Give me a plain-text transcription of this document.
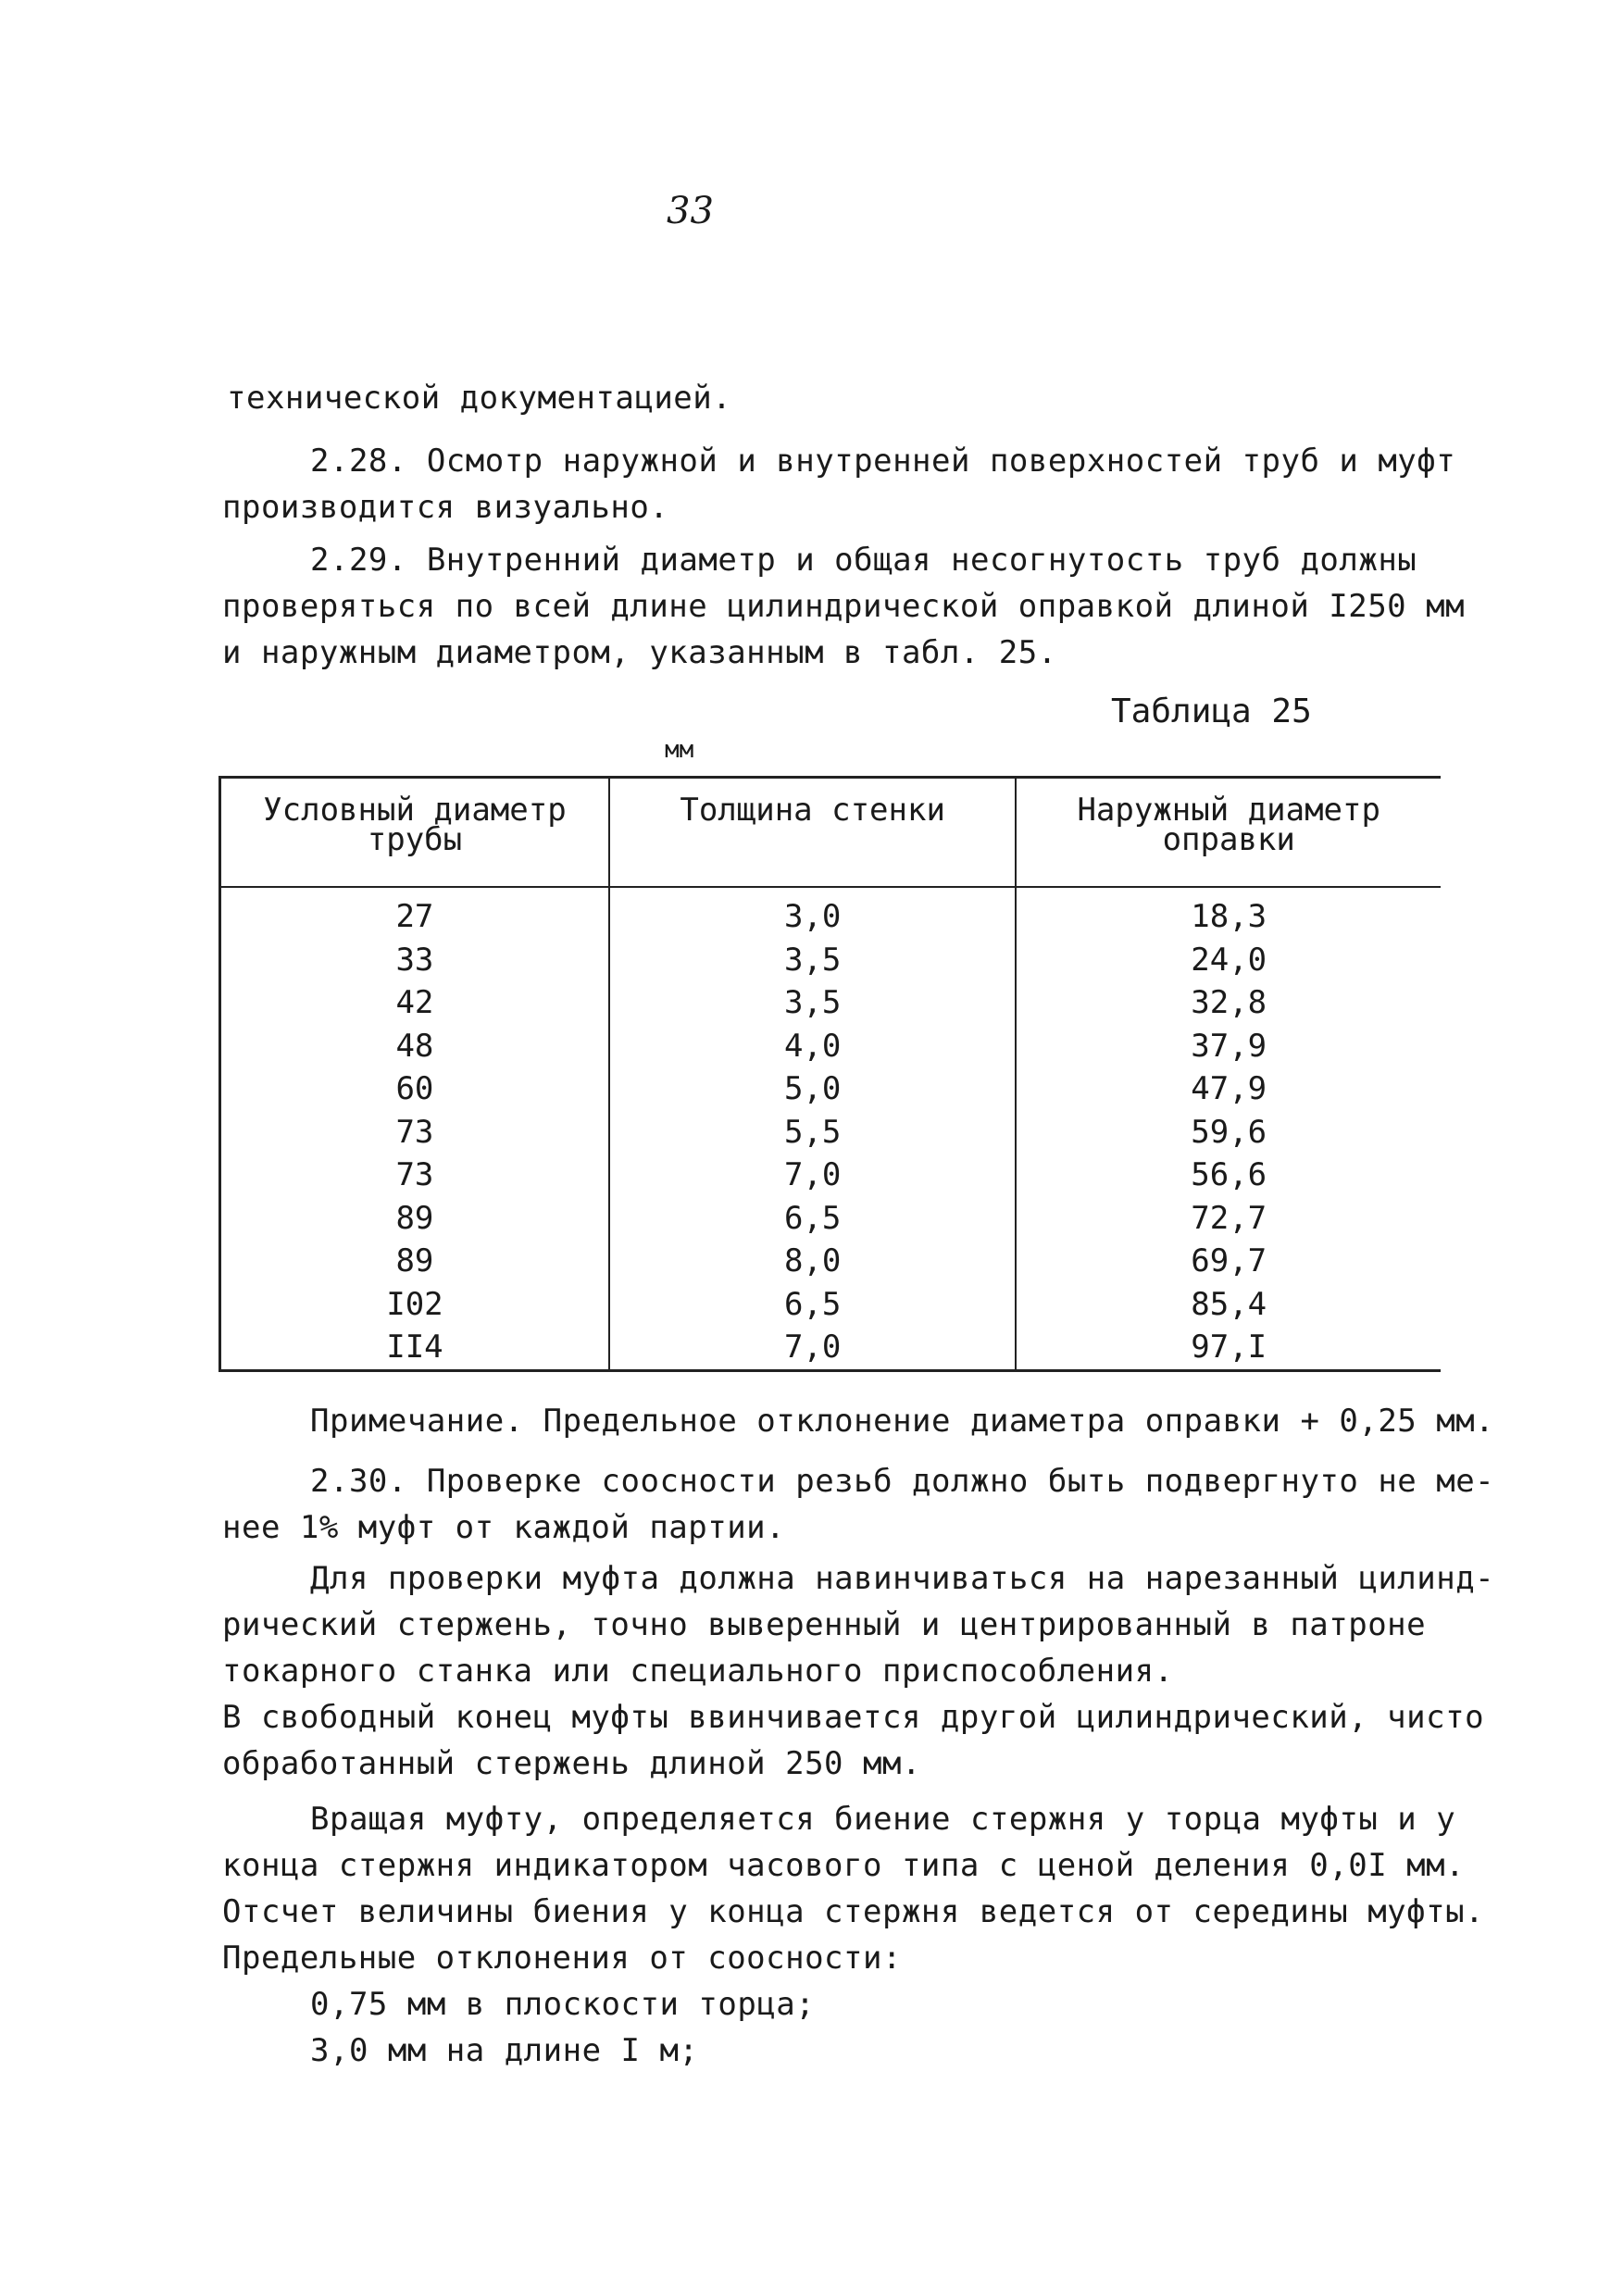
33
технической документацией.
2.28. Осмотр наружной и внутренней поверхностей труб и муфт
производится визуально.
2.29. Внутренний диаметр и общая несогнутость труб должны
проверяться по всей длине цилиндрической оправкой длиной I250 мм
и наружным диаметром, указанным в табл. 25.
Таблица 25
мм
Условный диаметр трубы	Толщина стенки	Наружный диаметр оправки
27	3,0	18,3
33	3,5	24,0
42	3,5	32,8
48	4,0	37,9
60	5,0	47,9
73	5,5	59,6
73	7,0	56,6
89	6,5	72,7
89	8,0	69,7
I02	6,5	85,4
II4	7,0	97,I
Примечание. Предельное отклонение диаметра оправки + 0,25 мм.
2.30. Проверке соосности резьб должно быть подвергнуто не ме-
нее 1% муфт от каждой партии.
Для проверки муфта должна навинчиваться на нарезанный цилинд-
рический стержень, точно выверенный и центрированный в патроне
токарного станка или специального приспособления.
В свободный конец муфты ввинчивается другой цилиндрический, чисто
обработанный стержень длиной 250 мм.
Вращая муфту, определяется биение стержня у торца муфты и у
конца стержня индикатором часового типа с ценой деления 0,0I мм.
Отсчет величины биения у конца стержня ведется от середины муфты.
Предельные отклонения от соосности:
0,75 мм в плоскости торца;
3,0 мм на длине I м;
